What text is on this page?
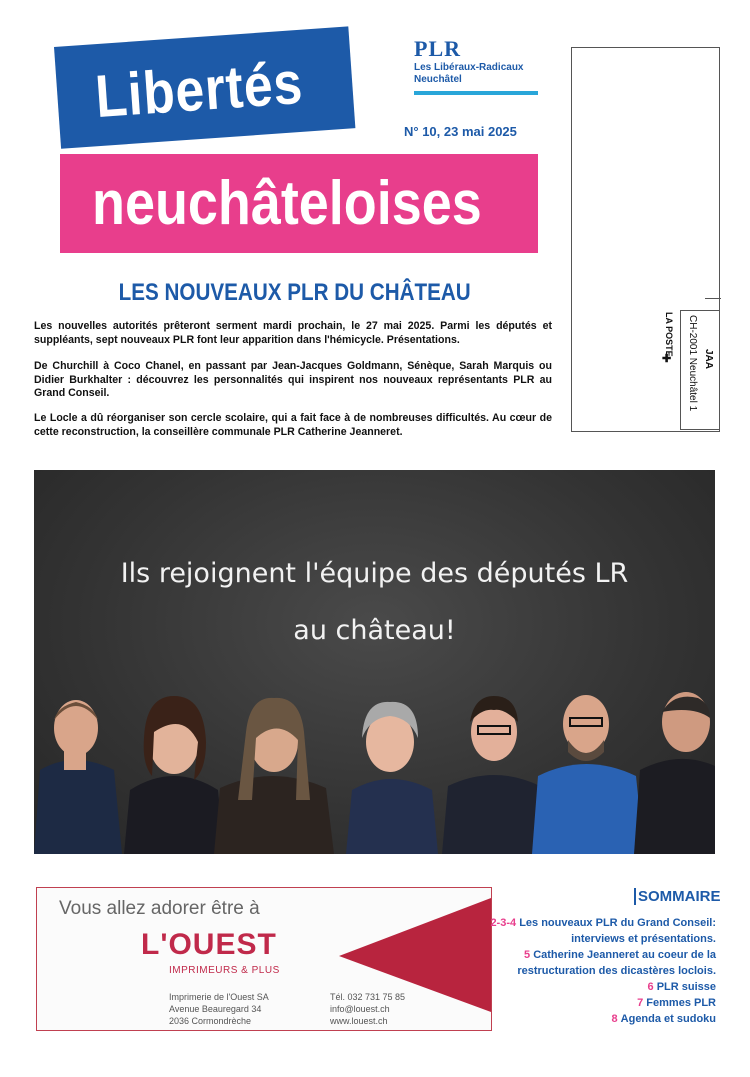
Libertés
neuchâteloises
PLR
Les Libéraux-Radicaux
Neuchâtel
N° 10, 23 mai 2025
JAA
CH-2001 Neuchâtel 1
LA POSTE
✚
LES NOUVEAUX PLR DU CHÂTEAU
Les nouvelles autorités prêteront serment mardi prochain, le 27 mai 2025. Parmi les députés et suppléants, sept nouveaux PLR font leur apparition dans l'hémicycle. Présentations.
De Churchill à Coco Chanel, en passant par Jean-Jacques Goldmann, Sénèque, Sarah Marquis ou Didier Burkhalter : découvrez les personnalités qui inspirent nos nouveaux représentants PLR au Grand Conseil.
Le Locle a dû réorganiser son cercle scolaire, qui a fait face à de nombreuses difficultés. Au cœur de cette reconstruction, la conseillère communale PLR Catherine Jeanneret.
Ils rejoignent l'équipe des députés LR
au château!
Vous allez adorer être à
L'OUEST
IMPRIMEURS & PLUS
Imprimerie de l'Ouest SA
Avenue Beauregard 34
2036 Cormondrèche
Tél. 032 731 75 85
info@louest.ch
www.louest.ch
SOMMAIRE
2-3-4 Les nouveaux PLR du Grand Conseil:
interviews et présentations.
5 Catherine Jeanneret au coeur de la
restructuration des dicastères loclois.
6 PLR suisse
7 Femmes PLR
8 Agenda et sudoku
